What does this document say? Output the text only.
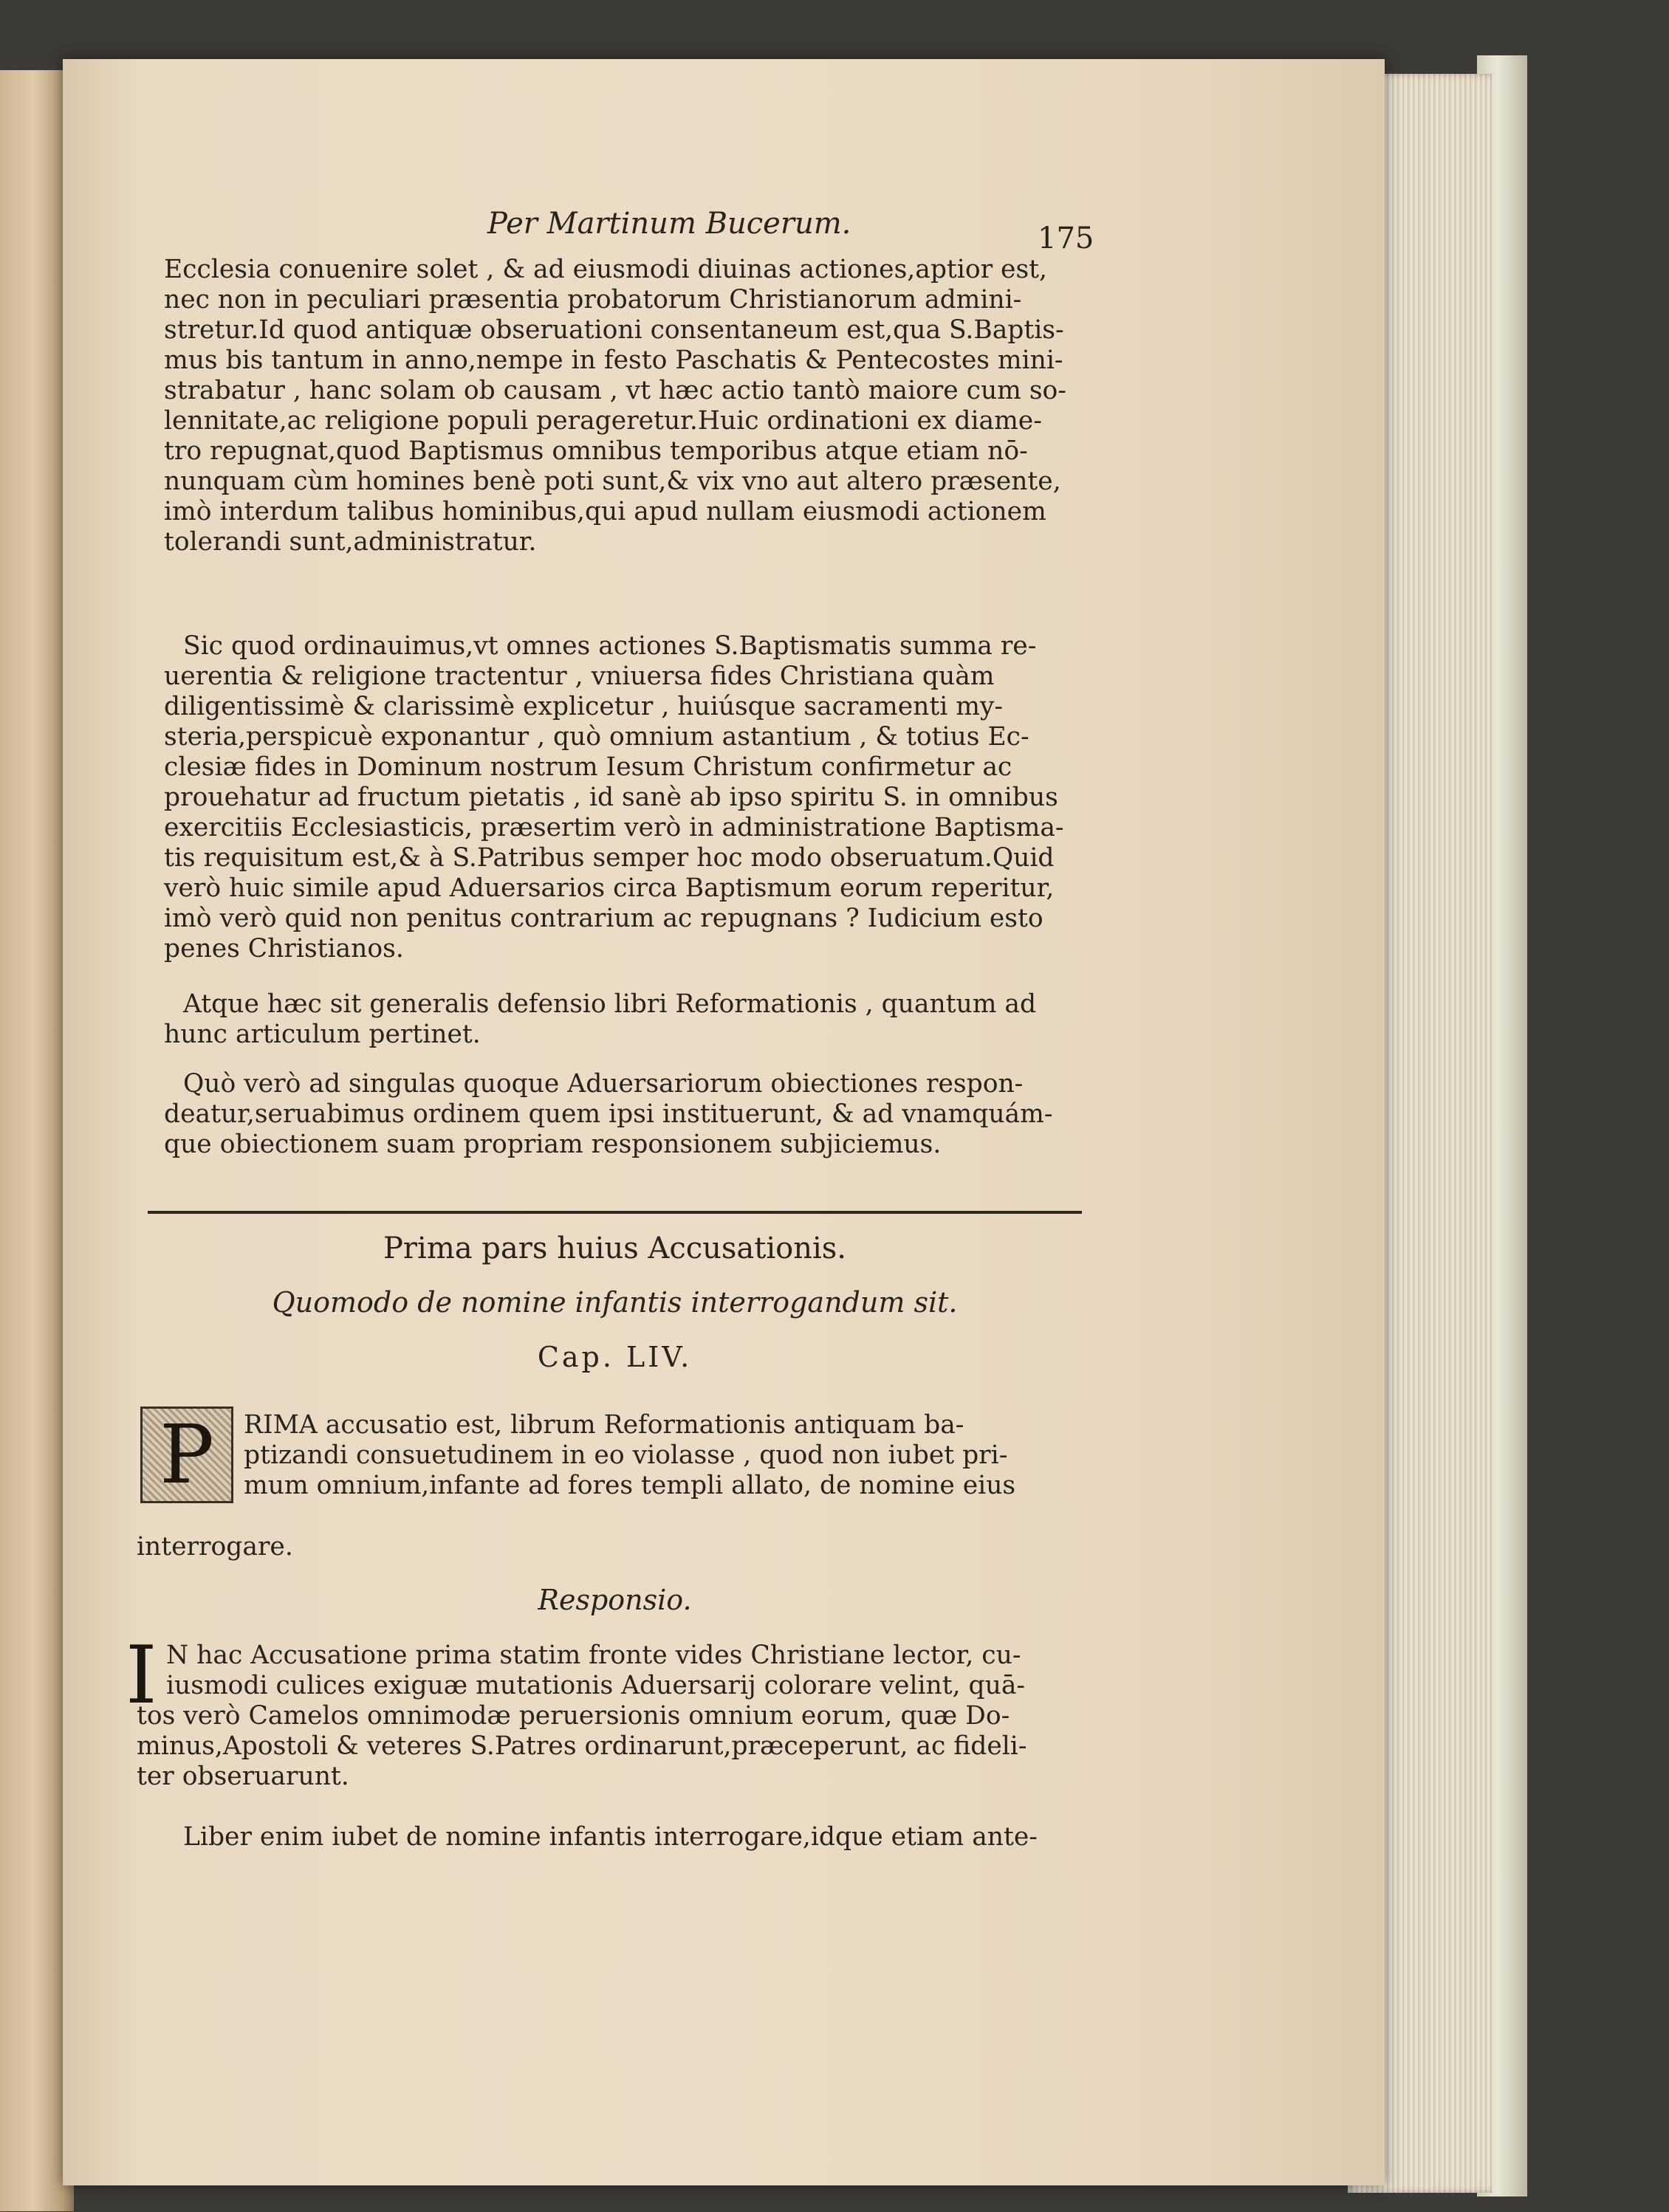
Per Martinum Bucerum.	175
Ecclesia conuenire solet , & ad eiusmodi diuinas actiones,aptior est,
nec non in peculiari præsentia probatorum Christianorum admini-
stretur.Id quod antiquæ obseruationi consentaneum est,qua S.Baptis-
mus bis tantum in anno,nempe in festo Paschatis & Pentecostes mini-
strabatur , hanc solam ob causam , vt hæc actio tantò maiore cum so-
lennitate,ac religione populi perageretur.Huic ordinationi ex diame-
tro repugnat,quod Baptismus omnibus temporibus atque etiam nō-
nunquam cùm homines benè poti sunt,& vix vno aut altero præsente,
imò interdum talibus hominibus,qui apud nullam eiusmodi actionem
tolerandi sunt,administratur.
Sic quod ordinauimus,vt omnes actiones S.Baptismatis summa re-
uerentia & religione tractentur , vniuersa fides Christiana quàm
diligentissimè & clarissimè explicetur , huiúsque sacramenti my-
steria,perspicuè exponantur , quò omnium astantium , & totius Ec-
clesiæ fides in Dominum nostrum Iesum Christum confirmetur ac
prouehatur ad fructum pietatis , id sanè ab ipso spiritu S. in omnibus
exercitiis Ecclesiasticis, præsertim verò in administratione Baptisma-
tis requisitum est,& à S.Patribus semper hoc modo obseruatum.Quid
verò huic simile apud Aduersarios circa Baptismum eorum reperitur,
imò verò quid non penitus contrarium ac repugnans ? Iudicium esto
penes Christianos.
Atque hæc sit generalis defensio libri Reformationis , quantum ad
hunc articulum pertinet.
Quò verò ad singulas quoque Aduersariorum obiectiones respon-
deatur,seruabimus ordinem quem ipsi instituerunt, & ad vnamquám-
que obiectionem suam propriam responsionem subjiciemus.
Prima pars huius Accusationis.
Quomodo de nomine infantis interrogandum sit.
Cap. LIV.
P	RIMA accusatio est, librum Reformationis antiquam ba-
ptizandi consuetudinem in eo violasse , quod non iubet pri-
mum omnium,infante ad fores templi allato, de nomine eius
interrogare.
Responsio.
I N hac Accusatione prima statim fronte vides Christiane lector, cu-
iusmodi culices exiguæ mutationis Aduersarij colorare velint, quā-
tos verò Camelos omnimodæ peruersionis omnium eorum, quæ Do-
minus,Apostoli & veteres S.Patres ordinarunt,præceperunt, ac fideli-
ter obseruarunt.
Liber enim iubet de nomine infantis interrogare,idque etiam ante-
